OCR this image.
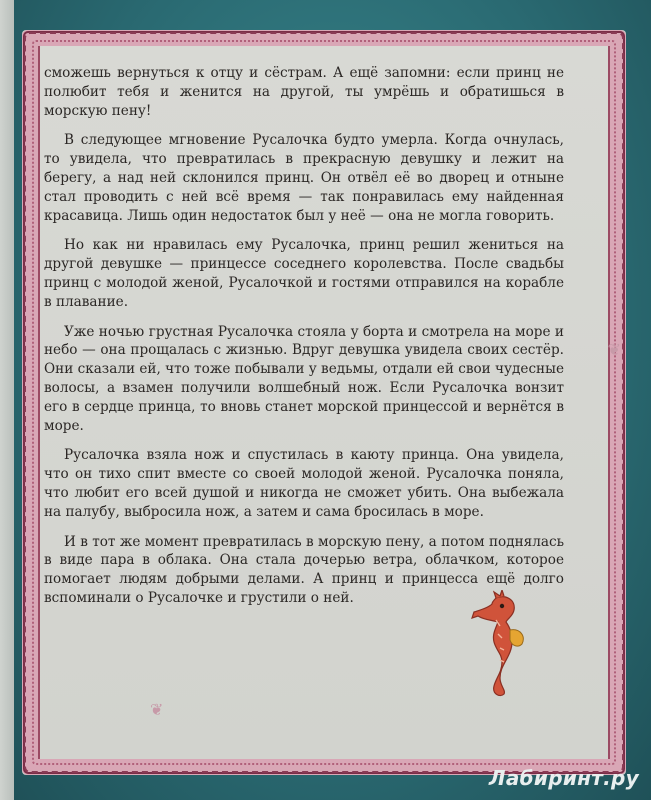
❦
❦

сможешь вернуться к отцу и сёстрам. А ещё запомни: если принц не полюбит тебя и женится на другой, ты умрёшь и обратишься в морскую пену!

В следующее мгновение Русалочка будто умерла. Когда очнулась, то увидела, что превратилась в прекрасную девушку и лежит на берегу, а над ней склонился принц. Он отвёл её во дворец и отныне стал проводить с ней всё время — так понравилась ему найденная красавица. Лишь один недостаток был у неё — она не могла говорить.

Но как ни нравилась ему Русалочка, принц решил жениться на другой девушке — принцессе соседнего королевства. После свадьбы принц с молодой женой, Русалочкой и гостями отправился на корабле в плавание.

Уже ночью грустная Русалочка стояла у борта и смотрела на море и небо — она прощалась с жизнью. Вдруг девушка увидела своих сестёр. Они сказали ей, что тоже побывали у ведьмы, отдали ей свои чудесные волосы, а взамен получили волшебный нож. Если Русалочка вонзит его в сердце принца, то вновь станет морской принцессой и вернётся в море.

Русалочка взяла нож и спустилась в каюту принца. Она увидела, что он тихо спит вместе со своей молодой женой. Русалочка поняла, что любит его всей душой и никогда не сможет убить. Она выбежала на палубу, выбросила нож, а затем и сама бросилась в море.

И в тот же момент превратилась в морскую пену, а потом поднялась в виде пара в облака. Она стала дочерью ветра, облачком, которое помогает людям добрыми делами. А принц и принцесса ещё долго вспоминали о Русалочке и грустили о ней.

Лабиринт.ру
